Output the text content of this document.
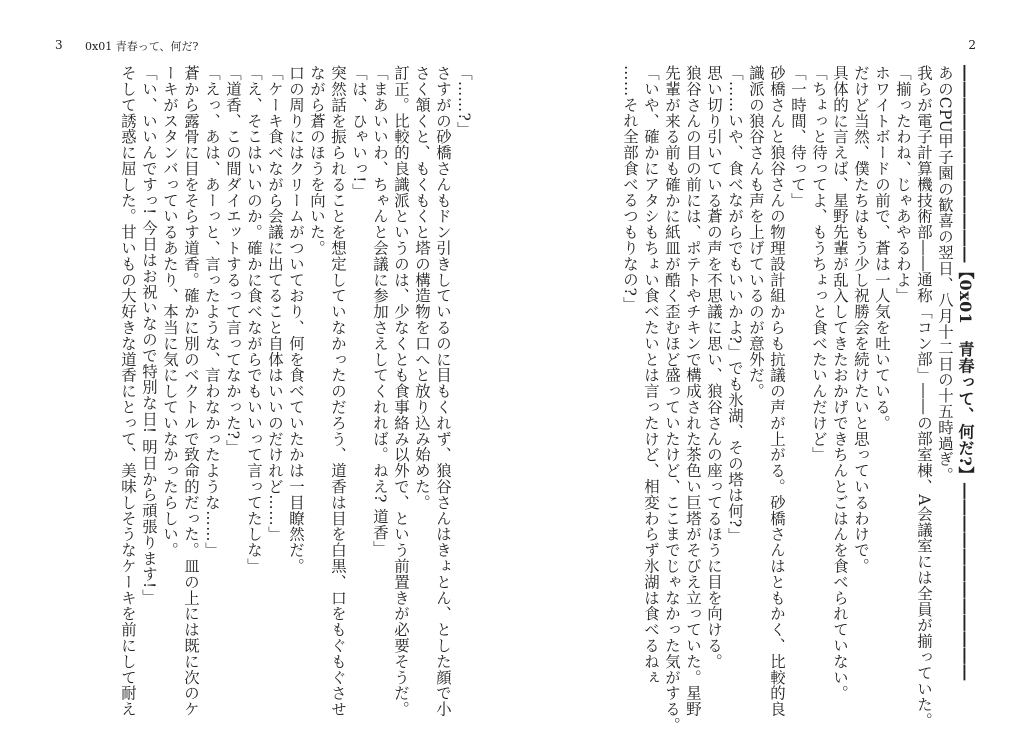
3 0x01 青春って、何だ?
「……?」
さすがの砂橋さんもドン引きしているのに目もくれず、狼谷さんはきょとん、とした顔で小
さく頷くと、もくもくと塔の構造物を口へと放り込み始めた。
訂正。比較的良識派というのは、少なくとも食事絡み以外で、という前置きが必要そうだ。
「まあいいわ、ちゃんと会議に参加さえしてくれれば。ねえ? 道香」
「は、ひゃいっ!」
突然話を振られることを想定していなかったのだろう、道香は目を白黒、口をもぐもぐさせ
ながら蒼のほうを向いた。
口の周りにはクリームがついており、何を食べていたかは一目瞭然だ。
「ケーキ食べながら会議に出てること自体はいいのだけれど……」
「え、そこはいいのか。確かに食べながらでもいいって言ってたしな」
「道香、この間ダイエットするって言ってなかった?」
「えっ、あは、あーっと、言ったような、言わなかったような……」
蒼から露骨に目をそらす道香。確かに別のベクトルで致命的だった。皿の上には既に次のケ
ーキがスタンバっているあたり、本当に気にしていなかったらしい。
「い、いいんですっ! 今日はお祝いなので特別な日! 明日から頑張ります!」
そして誘惑に屈した。甘いもの大好きな道香にとって、美味しそうなケーキを前にして耐え
2
――――――――――――【0x01　青春って、何だ?】――――――――――――
あのCPU甲子園の歓喜の翌日、八月十二日の十五時過ぎ。
我らが電子計算機技術部――通称「コン部」――の部室棟、A会議室には全員が揃っていた。
「揃ったわね、じゃあやるわよ」
ホワイトボードの前で、蒼は一人気を吐いている。
だけど当然、僕たちはもう少し祝勝会を続けたいと思っているわけで。
具体的に言えば、星野先輩が乱入してきたおかげできちんとごはんを食べられていない。
「ちょっと待ってよ、もうちょっと食べたいんだけど」
「一時間、待って」
砂橋さんと狼谷さんの物理設計組からも抗議の声が上がる。砂橋さんはともかく、比較的良
識派の狼谷さんも声を上げているのが意外だ。
「……いや、食べながらでもいいかよ?」でも氷湖、その塔は何?」
思い切り引いている蒼の声を不思議に思い、狼谷さんの座ってるほうに目を向ける。
狼谷さんの目の前には、ポテトやチキンで構成された茶色い巨塔がそびえ立っていた。星野
先輩が来る前も確かに紙皿が酷く歪むほど盛っていたけど、ここまでじゃなかった気がする。
「いや、確かにアタシもちょい食べたいとは言ったけど、相変わらず氷湖は食べるねぇ
……それ全部食べるつもりなの?」
